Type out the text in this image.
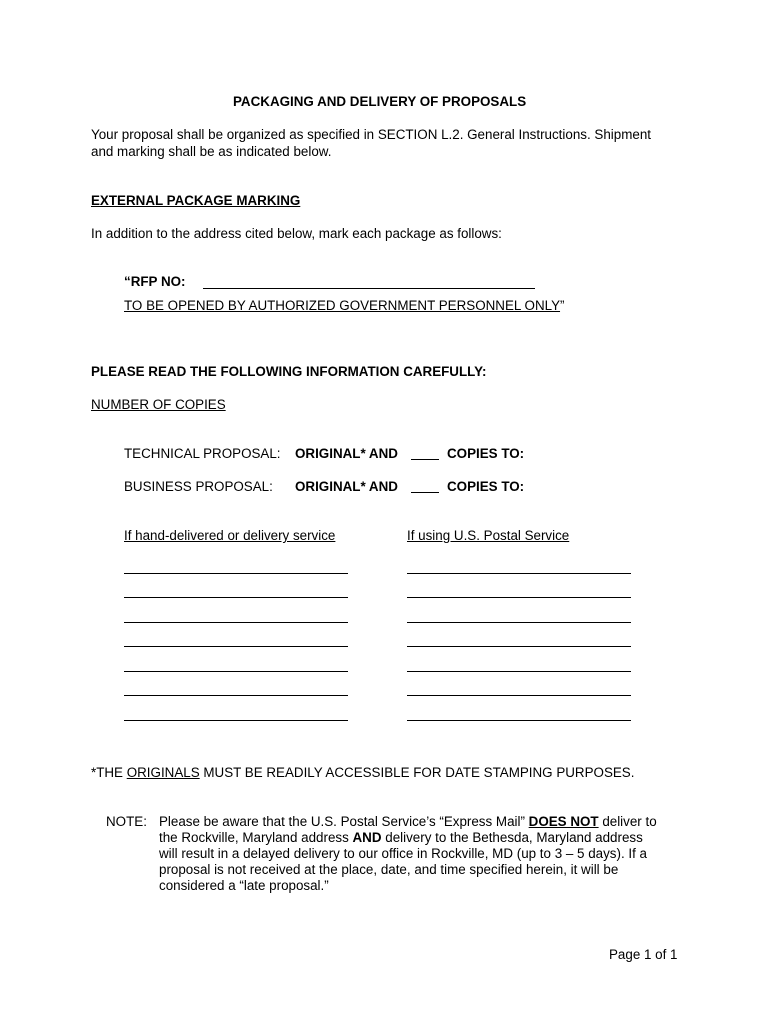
PACKAGING AND DELIVERY OF PROPOSALS
Your proposal shall be organized as specified in SECTION L.2. General Instructions. Shipment
and marking shall be as indicated below.
EXTERNAL PACKAGE MARKING
In addition to the address cited below, mark each package as follows:
“RFP NO:
TO BE OPENED BY AUTHORIZED GOVERNMENT PERSONNEL ONLY”
PLEASE READ THE FOLLOWING INFORMATION CAREFULLY:
NUMBER OF COPIES
TECHNICAL PROPOSAL: ORIGINAL* AND	COPIES TO:
BUSINESS PROPOSAL: ORIGINAL* AND	COPIES TO:
If hand-delivered or delivery service	If using U.S. Postal Service
*THE ORIGINALS MUST BE READILY ACCESSIBLE FOR DATE STAMPING PURPOSES.
NOTE: Please be aware that the U.S. Postal Service’s “Express Mail” DOES NOT deliver to
the Rockville, Maryland address AND delivery to the Bethesda, Maryland address
will result in a delayed delivery to our office in Rockville, MD (up to 3 – 5 days). If a
proposal is not received at the place, date, and time specified herein, it will be
considered a “late proposal.”
Page 1 of 1
